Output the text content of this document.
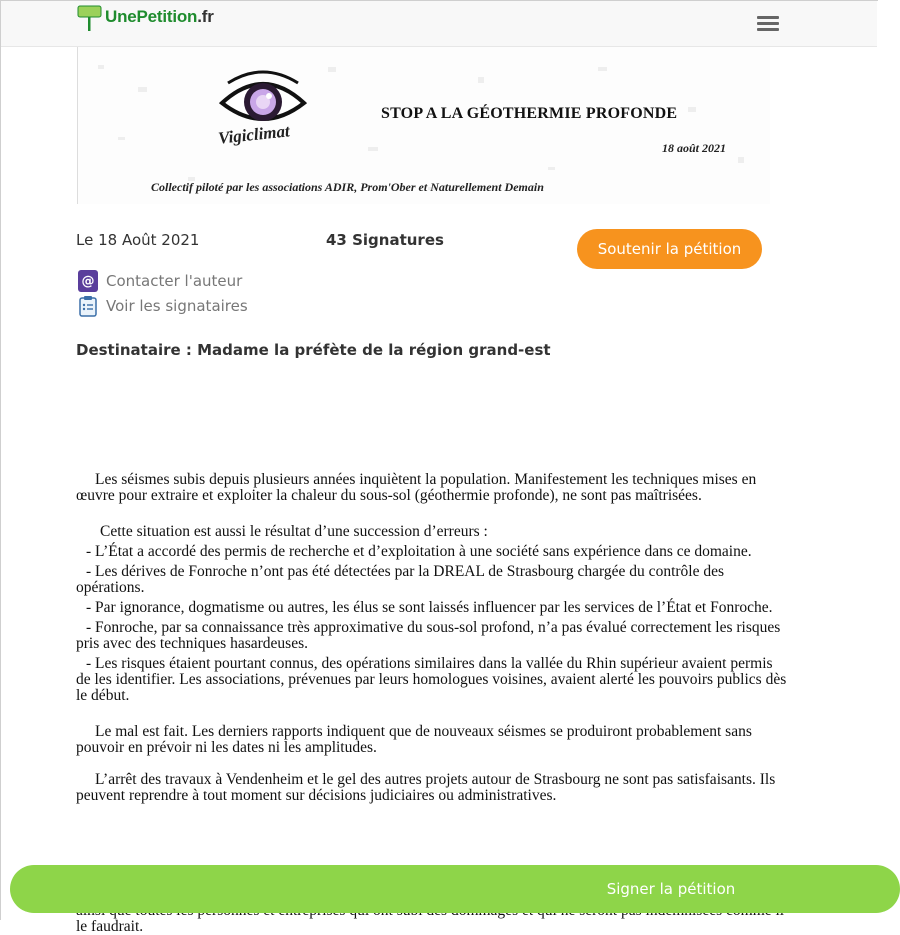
UnePetition.fr
Vigiclimat
STOP A LA GÉOTHERMIE PROFONDE
18 août 2021
Collectif piloté par les associations ADIR, Prom'Ober et Naturellement Demain
Le 18 Août 2021	43 Signatures	Soutenir la pétition
@ Contacter l'auteur
Voir les signataires
Destinataire : Madame la préfète de la région grand-est

Les séismes subis depuis plusieurs années inquiètent la population. Manifestement les techniques mises en œuvre pour extraire et exploiter la chaleur du sous-sol (géothermie profonde), ne sont pas maîtrisées.

Cette situation est aussi le résultat d’une succession d’erreurs :

- L’État a accordé des permis de recherche et d’exploitation à une société sans expérience dans ce domaine.

- Les dérives de Fonroche n’ont pas été détectées par la DREAL de Strasbourg chargée du contrôle des opérations.

- Par ignorance, dogmatisme ou autres, les élus se sont laissés influencer par les services de l’État et Fonroche.

- Fonroche, par sa connaissance très approximative du sous-sol profond, n’a pas évalué correctement les risques pris avec des techniques hasardeuses.

- Les risques étaient pourtant connus, des opérations similaires dans la vallée du Rhin supérieur avaient permis de les identifier. Les associations, prévenues par leurs homologues voisines, avaient alerté les pouvoirs publics dès le début.

Le mal est fait. Les derniers rapports indiquent que de nouveaux séismes se produiront probablement sans pouvoir en prévoir ni les dates ni les amplitudes.

L’arrêt des travaux à Vendenheim et le gel des autres projets autour de Strasbourg ne sont pas satisfaisants. Ils peuvent reprendre à tout moment sur décisions judiciaires ou administratives.

le faudrait.
Signer la pétition
